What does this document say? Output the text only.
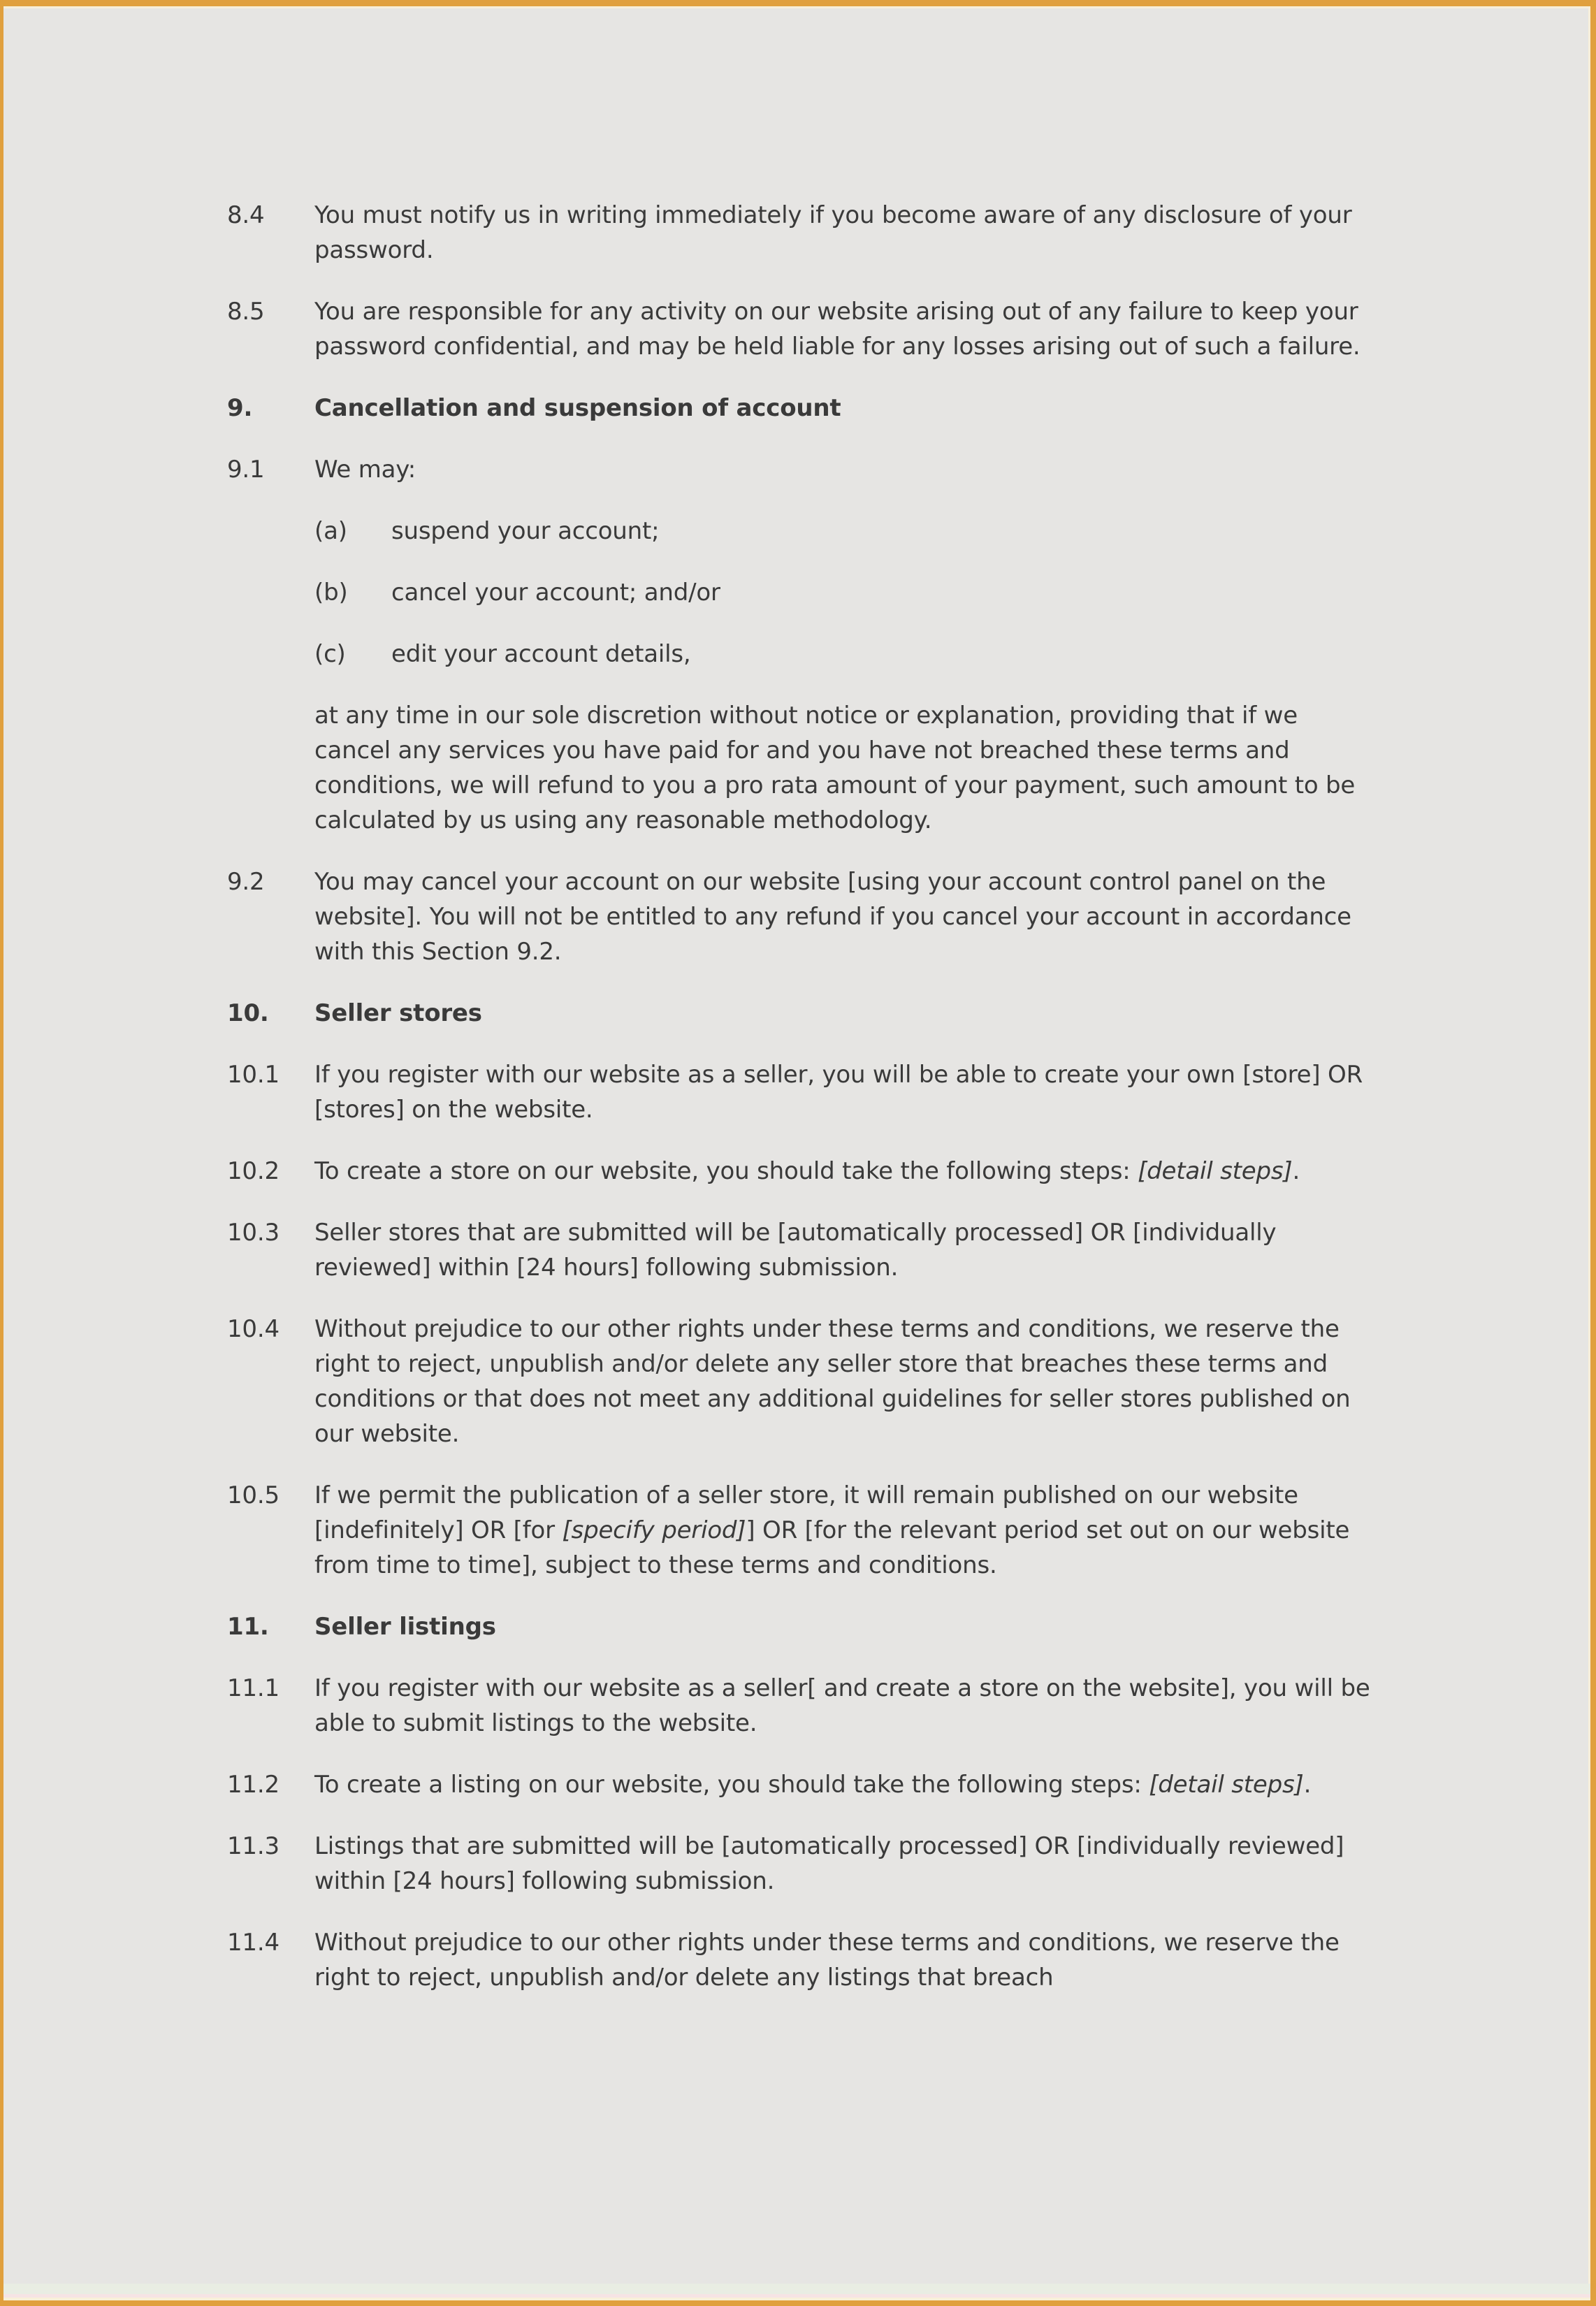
8.4	You must notify us in writing immediately if you become aware of any disclosure of your password.
8.5	You are responsible for any activity on our website arising out of any failure to keep your password confidential, and may be held liable for any losses arising out of such a failure.
9.	Cancellation and suspension of account
9.1	We may:
(a)	suspend your account;
(b)	cancel your account; and/or
(c)	edit your account details,
at any time in our sole discretion without notice or explanation, providing that if we cancel any services you have paid for and you have not breached these terms and conditions, we will refund to you a pro rata amount of your payment, such amount to be calculated by us using any reasonable methodology.
9.2	You may cancel your account on our website [using your account control panel on the website]. You will not be entitled to any refund if you cancel your account in accordance with this Section 9.2.
10.	Seller stores
10.1	If you register with our website as a seller, you will be able to create your own [store] OR [stores] on the website.
10.2	To create a store on our website, you should take the following steps: [detail steps].
10.3	Seller stores that are submitted will be [automatically processed] OR [individually reviewed] within [24 hours] following submission.
10.4	Without prejudice to our other rights under these terms and conditions, we reserve the right to reject, unpublish and/or delete any seller store that breaches these terms and conditions or that does not meet any additional guidelines for seller stores published on our website.
10.5	If we permit the publication of a seller store, it will remain published on our website [indefinitely] OR [for [specify period]] OR [for the relevant period set out on our website from time to time], subject to these terms and conditions.
11.	Seller listings
11.1	If you register with our website as a seller[ and create a store on the website], you will be able to submit listings to the website.
11.2	To create a listing on our website, you should take the following steps: [detail steps].
11.3	Listings that are submitted will be [automatically processed] OR [individually reviewed] within [24 hours] following submission.
11.4	Without prejudice to our other rights under these terms and conditions, we reserve the right to reject, unpublish and/or delete any listings that breach
